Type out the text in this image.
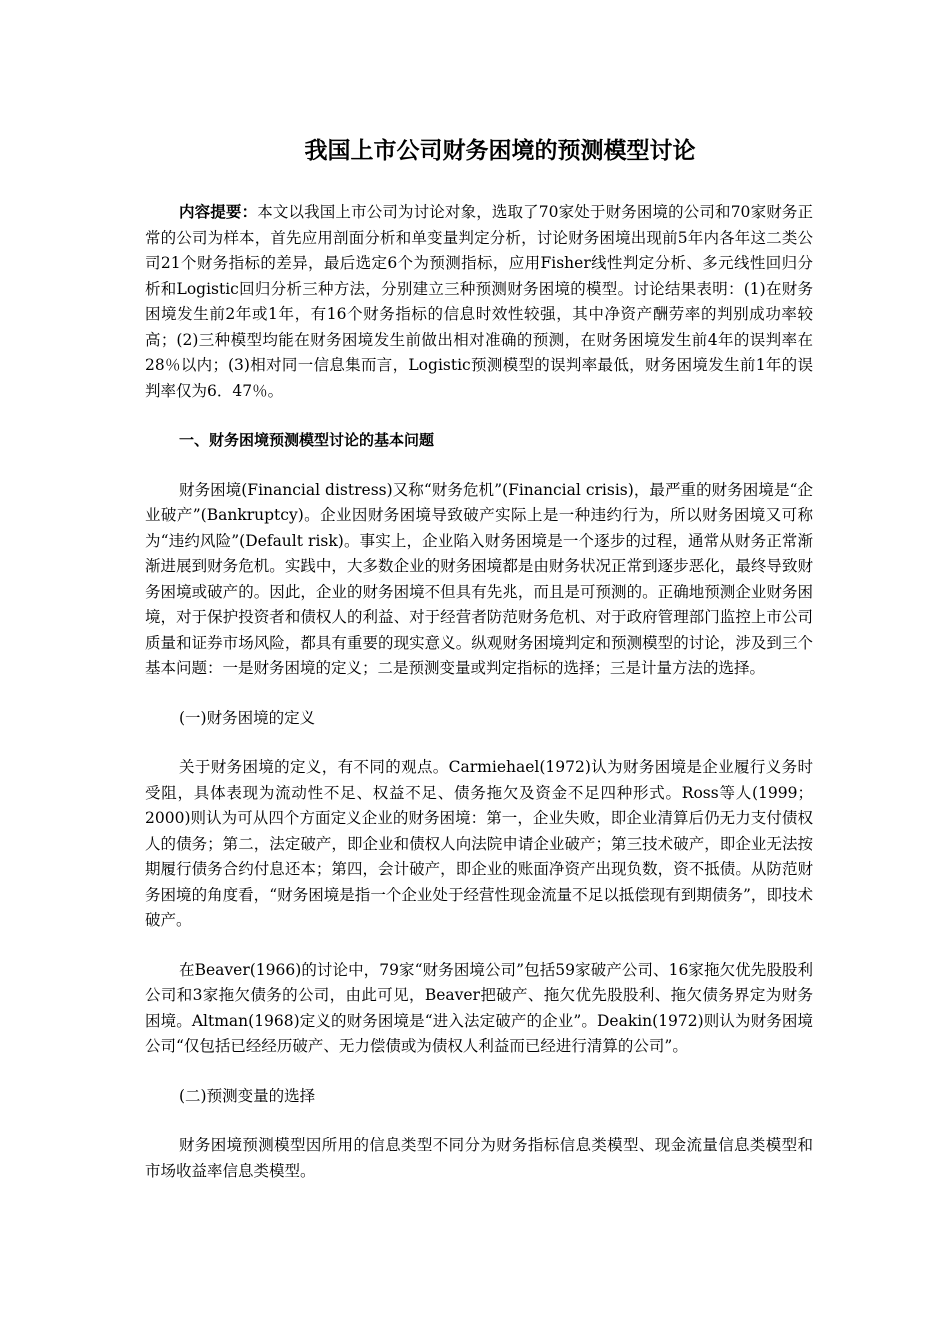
我国上市公司财务困境的预测模型讨论

内容提要：本文以我国上市公司为讨论对象，选取了70家处于财务困境的公司和70家财务正常的公司为样本，首先应用剖面分析和单变量判定分析，讨论财务困境出现前5年内各年这二类公司21个财务指标的差异，最后选定6个为预测指标，应用Fisher线性判定分析、多元线性回归分析和Logistic回归分析三种方法，分别建立三种预测财务困境的模型。讨论结果表明：(1)在财务困境发生前2年或1年，有16个财务指标的信息时效性较强，其中净资产酬劳率的判别成功率较高；(2)三种模型均能在财务困境发生前做出相对准确的预测，在财务困境发生前4年的误判率在28％以内；(3)相对同一信息集而言，Logistic预测模型的误判率最低，财务困境发生前1年的误判率仅为6．47％。

一、财务困境预测模型讨论的基本问题

财务困境(Financial distress)又称“财务危机”(Financial crisis)，最严重的财务困境是“企业破产”(Bankruptcy)。企业因财务困境导致破产实际上是一种违约行为，所以财务困境又可称为“违约风险”(Default risk)。事实上，企业陷入财务困境是一个逐步的过程，通常从财务正常渐渐进展到财务危机。实践中，大多数企业的财务困境都是由财务状况正常到逐步恶化，最终导致财务困境或破产的。因此，企业的财务困境不但具有先兆，而且是可预测的。正确地预测企业财务困境，对于保护投资者和债权人的利益、对于经营者防范财务危机、对于政府管理部门监控上市公司质量和证券市场风险，都具有重要的现实意义。纵观财务困境判定和预测模型的讨论，涉及到三个基本问题：一是财务困境的定义；二是预测变量或判定指标的选择；三是计量方法的选择。

(一)财务困境的定义

关于财务困境的定义，有不同的观点。Carmiehael(1972)认为财务困境是企业履行义务时受阻，具体表现为流动性不足、权益不足、债务拖欠及资金不足四种形式。Ross等人(1999；2000)则认为可从四个方面定义企业的财务困境：第一，企业失败，即企业清算后仍无力支付债权人的债务；第二，法定破产，即企业和债权人向法院申请企业破产；第三技术破产，即企业无法按期履行债务合约付息还本；第四，会计破产，即企业的账面净资产出现负数，资不抵债。从防范财务困境的角度看，“财务困境是指一个企业处于经营性现金流量不足以抵偿现有到期债务”，即技术破产。

在Beaver(1966)的讨论中，79家“财务困境公司”包括59家破产公司、16家拖欠优先股股利公司和3家拖欠债务的公司，由此可见，Beaver把破产、拖欠优先股股利、拖欠债务界定为财务困境。Altman(1968)定义的财务困境是“进入法定破产的企业”。Deakin(1972)则认为财务困境公司“仅包括已经经历破产、无力偿债或为债权人利益而已经进行清算的公司”。

(二)预测变量的选择

财务困境预测模型因所用的信息类型不同分为财务指标信息类模型、现金流量信息类模型和市场收益率信息类模型。
